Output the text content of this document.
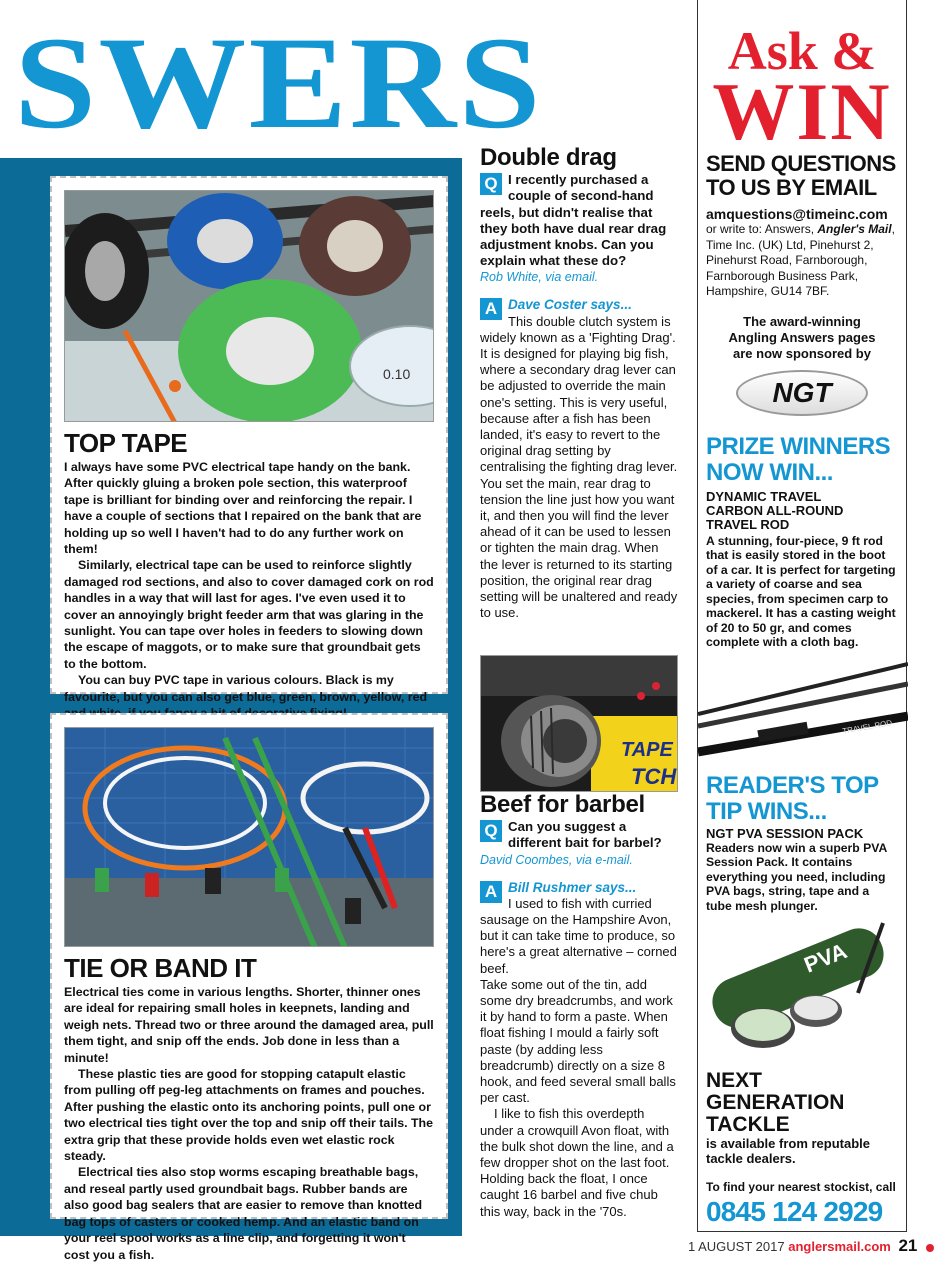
SWERS
0.10
TOP TAPE

I always have some PVC electrical tape handy on the bank. After quickly gluing a broken pole section, this waterproof tape is brilliant for binding over and reinforcing the repair. I have a couple of sections that I repaired on the bank that are holding up so well I haven't had to do any further work on them!

Similarly, electrical tape can be used to reinforce slightly damaged rod sections, and also to cover damaged cork on rod handles in a way that will last for ages. I've even used it to cover an annoyingly bright feeder arm that was glaring in the sunlight. You can tape over holes in feeders to slowing down the escape of maggots, or to make sure that groundbait gets to the bottom.

You can buy PVC tape in various colours. Black is my favourite, but you can also get blue, green, brown, yellow, red

TIE OR BAND IT

Electrical ties come in various lengths. Shorter, thinner ones are ideal for repairing small holes in keepnets, landing and weigh nets. Thread two or three around the damaged area, pull them tight, and snip off the ends. Job done in less than a minute!

These plastic ties are good for stopping catapult elastic from pulling off peg-leg attachments on frames and pouches. After pushing the elastic onto its anchoring points, pull one or two electrical ties tight over the top and snip off their tails. The extra grip that these provide holds even wet elastic rock steady.

Electrical ties also stop worms escaping breathable bags, and reseal partly used groundbait bags. Rubber bands are also good bag sealers that are easier to remove than knotted bag tops of casters or cooked hemp. And an elastic band on your reel spool works as a line clip, and forgetting it won't cost you a fish.

Double drag
Q I recently purchased a couple of second-hand reels, but didn't realise that they both have dual rear drag adjustment knobs. Can you explain what these do?
Rob White, via email.
A Dave Coster says...

This double clutch system is widely known as a 'Fighting Drag'. It is designed for playing big fish, where a secondary drag lever can be adjusted to override the main one's setting. This is very useful, because after a fish has been landed, it's easy to revert to the original drag setting by centralising the fighting drag lever.

You set the main, rear drag to tension the line just how you want it, and then you will find the lever ahead of it can be used to lessen or tighten the main drag. When the lever is returned to its starting position, the original rear drag setting will be unaltered and ready to use.

TAPE
TCH
Beef for barbel
Q Can you suggest a different bait for barbel?
David Coombes, via e-mail.
A Bill Rushmer says...

I used to fish with curried sausage on the Hampshire Avon, but it can take time to produce, so here's a great alternative – corned beef.

Take some out of the tin, add some dry breadcrumbs, and work it by hand to form a paste. When float fishing I mould a fairly soft paste (by adding less breadcrumb) directly on a size 8 hook, and feed several small balls per cast.

I like to fish this overdepth under a crowquill Avon float, with the bulk shot down the line, and a few dropper shot on the last foot. Holding back the float, I once caught 16 barbel and five chub this way, back in the '70s.

Ask &
WIN
SEND QUESTIONS TO US BY EMAIL
amquestions@timeinc.com
or write to: Answers, Angler's Mail, Time Inc. (UK) Ltd, Pinehurst 2, Pinehurst Road, Farnborough, Farnborough Business Park, Hampshire, GU14 7BF.
The award-winning Angling Answers pages are now sponsored by
NGT
PRIZE WINNERS NOW WIN...
DYNAMIC TRAVEL CARBON ALL-ROUND TRAVEL ROD
A stunning, four-piece, 9 ft rod that is easily stored in the boot of a car. It is perfect for targeting a variety of coarse and sea species, from specimen carp to mackerel. It has a casting weight of 20 to 50 gr, and comes complete with a cloth bag.
TRAVEL ROD
READER'S TOP TIP WINS...
NGT PVA SESSION PACK
Readers now win a superb PVA Session Pack. It contains everything you need, including PVA bags, string, tape and a tube mesh plunger.
PVA
NEXT GENERATION TACKLE
is available from reputable tackle dealers.
To find your nearest stockist, call
0845 124 2929
1 AUGUST 2017 anglersmail.com 21
